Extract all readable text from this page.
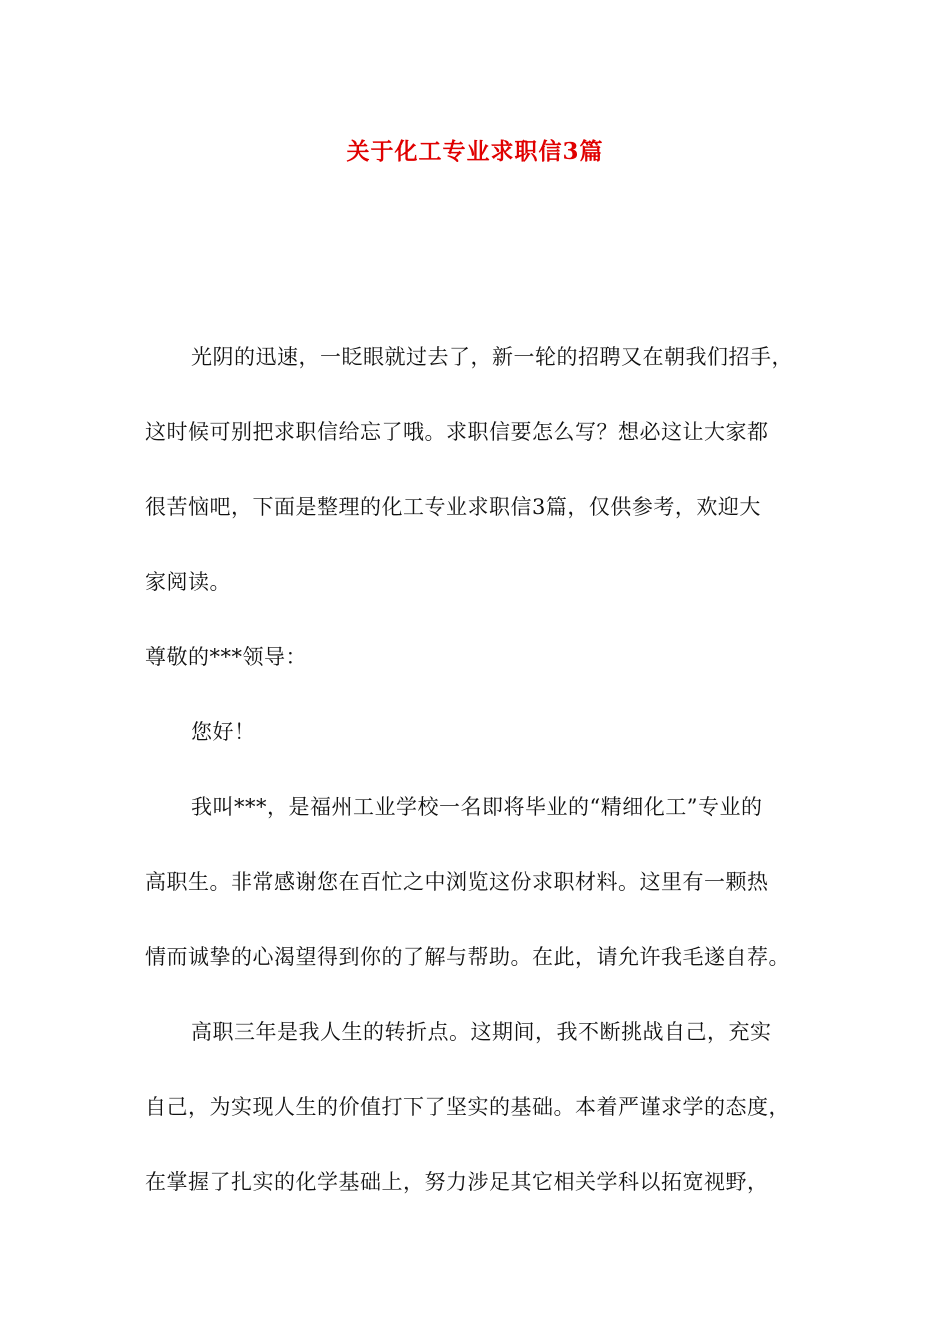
关于化工专业求职信3篇

光阴的迅速，一眨眼就过去了，新一轮的招聘又在朝我们招手，
这时候可别把求职信给忘了哦。求职信要怎么写？想必这让大家都
很苦恼吧，下面是整理的化工专业求职信3篇，仅供参考，欢迎大
家阅读。

尊敬的***领导：

您好！

我叫***，是福州工业学校一名即将毕业的“精细化工”专业的
高职生。非常感谢您在百忙之中浏览这份求职材料。这里有一颗热
情而诚挚的心渴望得到你的了解与帮助。在此，请允许我毛遂自荐。

高职三年是我人生的转折点。这期间，我不断挑战自己，充实
自己，为实现人生的价值打下了坚实的基础。本着严谨求学的态度，
在掌握了扎实的化学基础上，努力涉足其它相关学科以拓宽视野，
